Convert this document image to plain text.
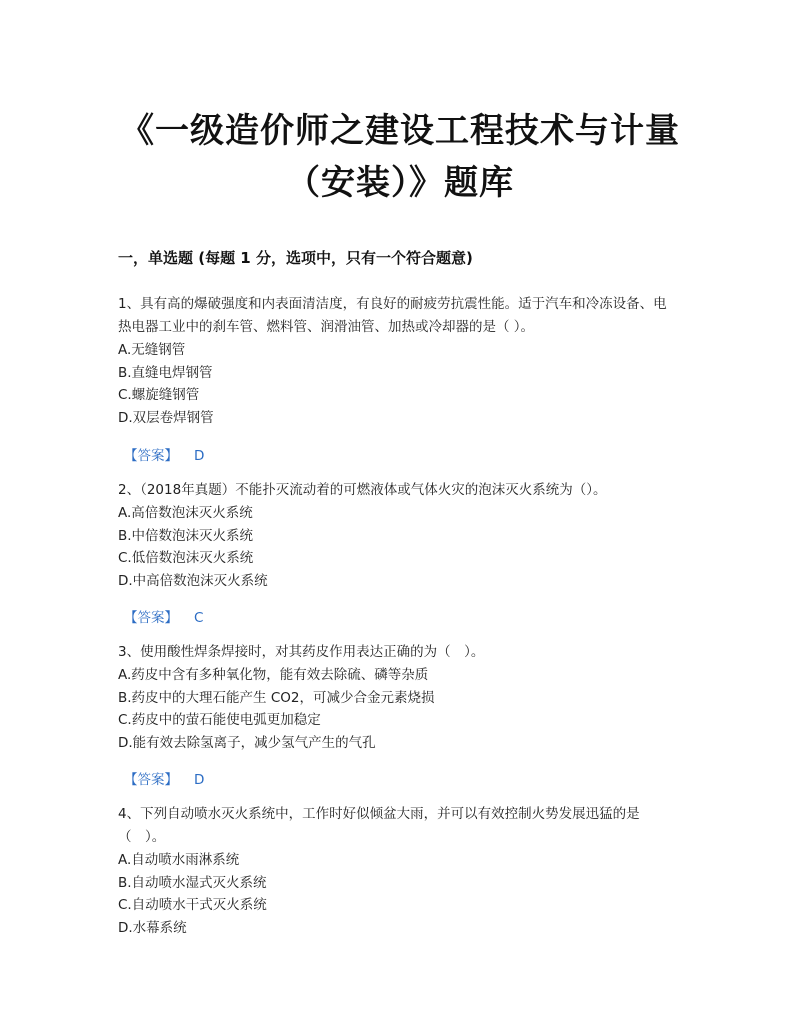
《一级造价师之建设工程技术与计量
（安装）》题库
一，单选题 (每题 1 分，选项中，只有一个符合题意)

1、具有高的爆破强度和内表面清洁度，有良好的耐疲劳抗震性能。适于汽车和冷冻设备、电热电器工业中的刹车管、燃料管、润滑油管、加热或冷却器的是（ ）。

A.无缝钢管
B.直缝电焊钢管
C.螺旋缝钢管
D.双层卷焊钢管
【答案】 D

2、（2018年真题）不能扑灭流动着的可燃液体或气体火灾的泡沫灭火系统为（）。

A.高倍数泡沫灭火系统
B.中倍数泡沫灭火系统
C.低倍数泡沫灭火系统
D.中高倍数泡沫灭火系统
【答案】 C

3、使用酸性焊条焊接时，对其药皮作用表达正确的为（　）。

A.药皮中含有多种氧化物，能有效去除硫、磷等杂质
B.药皮中的大理石能产生 CO2，可减少合金元素烧损
C.药皮中的萤石能使电弧更加稳定
D.能有效去除氢离子，减少氢气产生的气孔
【答案】 D

4、下列自动喷水灭火系统中，工作时好似倾盆大雨，并可以有效控制火势发展迅猛的是（　）。

A.自动喷水雨淋系统
B.自动喷水湿式灭火系统
C.自动喷水干式灭火系统
D.水幕系统
